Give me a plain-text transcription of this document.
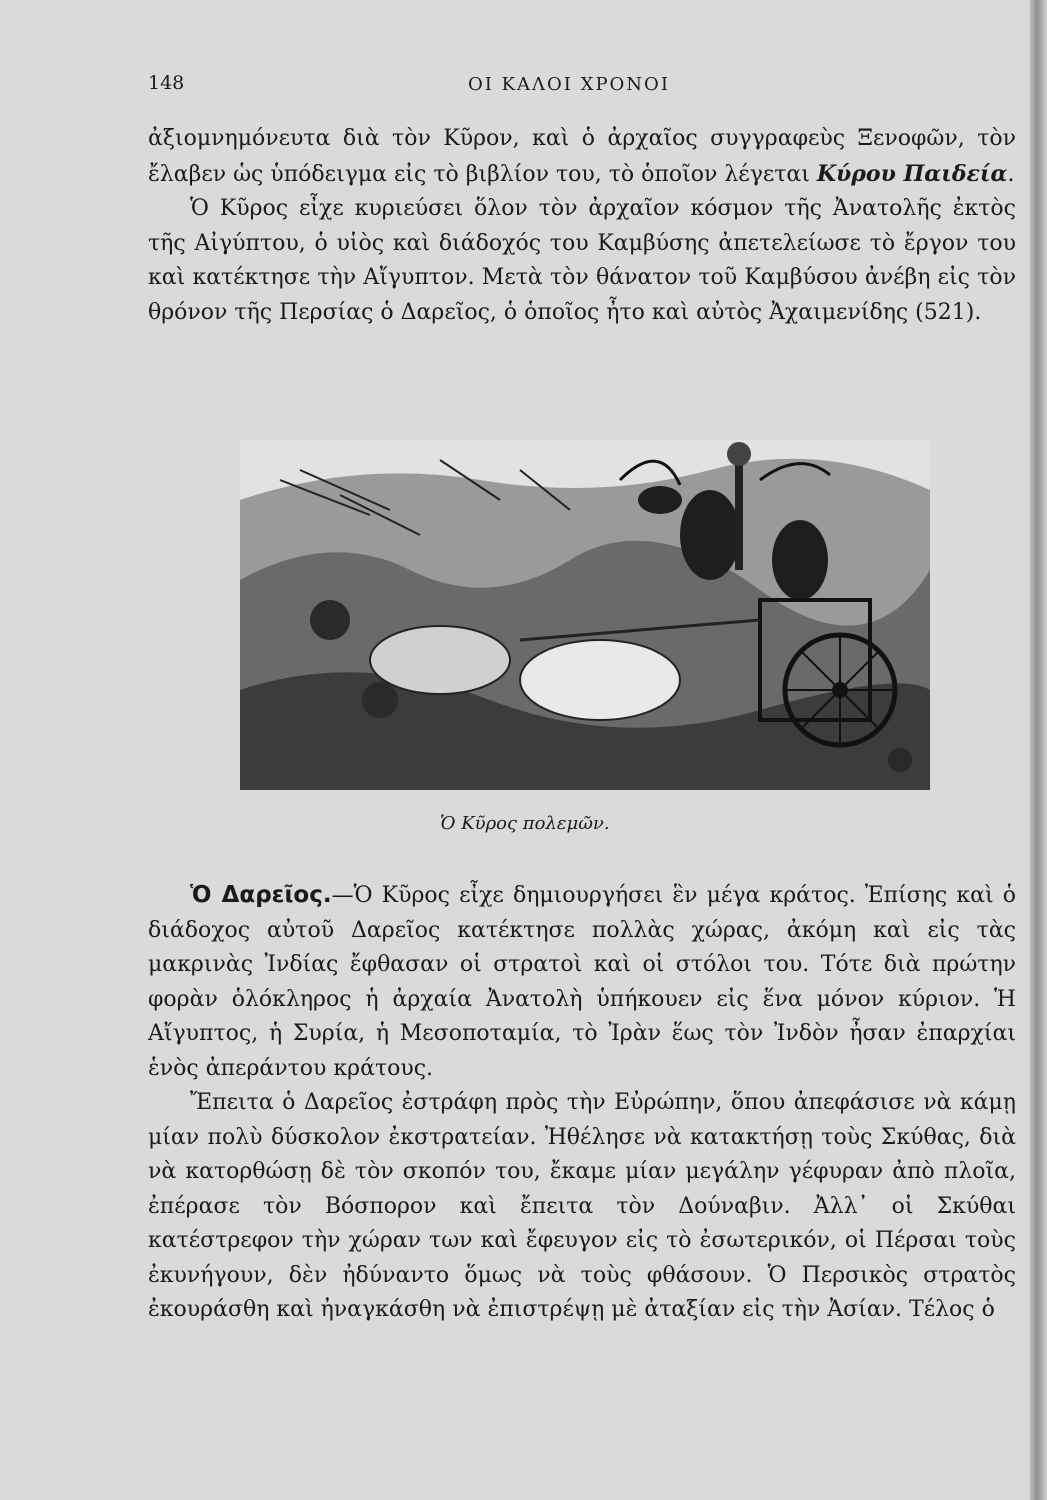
148	ΟΙ ΚΑΛΟΙ ΧΡΟΝΟΙ

ἀξιομνημόνευτα διὰ τὸν Κῦρον, καὶ ὁ ἀρχαῖος συγγραφεὺς Ξενοφῶν, τὸν ἔλαβεν ὡς ὑπόδειγμα εἰς τὸ βιβλίον του, τὸ ὁποῖον λέγεται Κύρου Παιδεία.

Ὁ Κῦρος εἶχε κυριεύσει ὅλον τὸν ἀρχαῖον κόσμον τῆς Ἀνατολῆς ἐκτὸς τῆς Αἰγύπτου, ὁ υἱὸς καὶ διάδοχός του Καμβύσης ἀπετελείωσε τὸ ἔργον του καὶ κατέκτησε τὴν Αἴγυπτον. Μετὰ τὸν θάνατον τοῦ Καμβύσου ἀνέβη εἰς τὸν θρόνον τῆς Περσίας ὁ Δαρεῖος, ὁ ὁποῖος ἦτο καὶ αὐτὸς Ἀχαιμενίδης (521).

Ὁ Κῦρος πολεμῶν.

Ὁ Δαρεῖος.—Ὁ Κῦρος εἶχε δημιουργήσει ἓν μέγα κράτος. Ἐπίσης καὶ ὁ διάδοχος αὐτοῦ Δαρεῖος κατέκτησε πολλὰς χώρας, ἀκόμη καὶ εἰς τὰς μακρινὰς Ἰνδίας ἔφθασαν οἱ στρατοὶ καὶ οἱ στόλοι του. Τότε διὰ πρώτην φορὰν ὁλόκληρος ἡ ἀρχαία Ἀνατολὴ ὑπήκουεν εἰς ἕνα μόνον κύριον. Ἡ Αἴγυπτος, ἡ Συρία, ἡ Μεσοποταμία, τὸ Ἰρὰν ἕως τὸν Ἰνδὸν ἦσαν ἐπαρχίαι ἑνὸς ἀπεράντου κράτους.

Ἔπειτα ὁ Δαρεῖος ἐστράφη πρὸς τὴν Εὐρώπην, ὅπου ἀπεφάσισε νὰ κάμῃ μίαν πολὺ δύσκολον ἐκστρατείαν. Ἠθέλησε νὰ κατακτήσῃ τοὺς Σκύθας, διὰ νὰ κατορθώσῃ δὲ τὸν σκοπόν του, ἔκαμε μίαν μεγάλην γέφυραν ἀπὸ πλοῖα, ἐπέρασε τὸν Βόσπορον καὶ ἔπειτα τὸν Δούναβιν. Ἀλλ᾿ οἱ Σκύθαι κατέστρεφον τὴν χώραν των καὶ ἔφευγον εἰς τὸ ἐσωτερικόν, οἱ Πέρσαι τοὺς ἐκυνήγουν, δὲν ἠδύναντο ὅμως νὰ τοὺς φθάσουν. Ὁ Περσικὸς στρατὸς ἐκουράσθη καὶ ἠναγκάσθη νὰ ἐπιστρέψῃ μὲ ἀταξίαν εἰς τὴν Ἀσίαν. Τέλος ὁ
